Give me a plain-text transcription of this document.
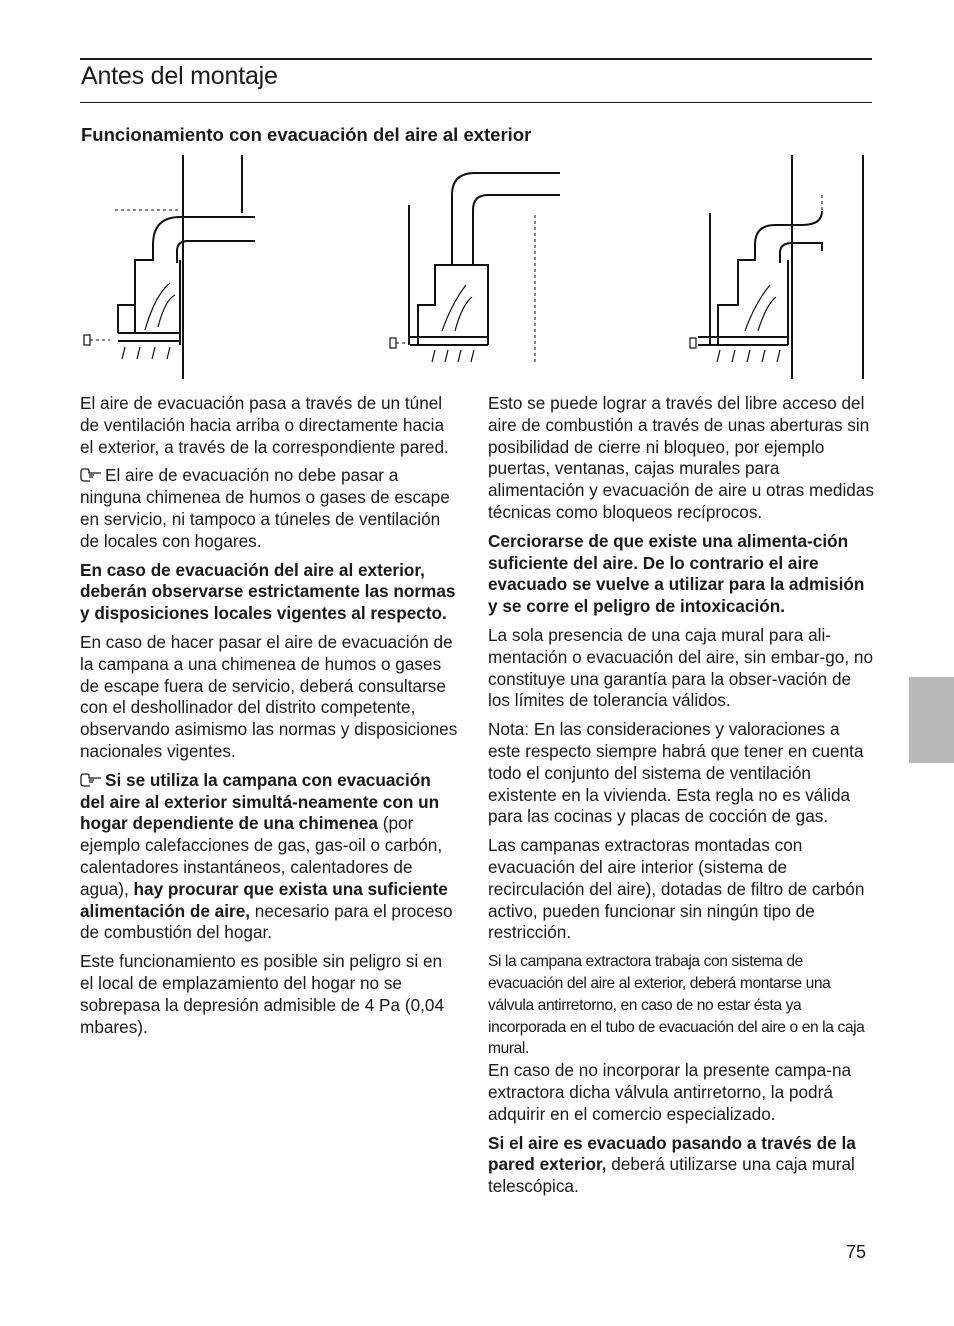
Antes del montaje
Funcionamiento con evacuación del aire al exterior

El aire de evacuación pasa a través de un túnel de ventilación hacia arriba o directamente hacia el exterior, a través de la correspondiente pared.

El aire de evacuación no debe pasar a ninguna chimenea de humos o gases de escape en servicio, ni tampoco a túneles de ventilación de locales con hogares.

En caso de evacuación del aire al exterior, deberán observarse estrictamente las normas y disposiciones locales vigentes al respecto.

En caso de hacer pasar el aire de evacuación de la campana a una chimenea de humos o gases de escape fuera de servicio, deberá consultarse con el deshollinador del distrito competente, observando asimismo las normas y disposiciones nacionales vigentes.

Si se utiliza la campana con evacuación del aire al exterior simultá-neamente con un hogar dependiente de una chimenea (por ejemplo calefacciones de gas, gas-oil o carbón, calentadores instantáneos, calentadores de agua), hay procurar que exista una suficiente alimentación de aire, necesario para el proceso de combustión del hogar.

Este funcionamiento es posible sin peligro si en el local de emplazamiento del hogar no se sobrepasa la depresión admisible de 4 Pa (0,04 mbares).

Esto se puede lograr a través del libre acceso del aire de combustión a través de unas aberturas sin posibilidad de cierre ni bloqueo, por ejemplo puertas, ventanas, cajas murales para alimentación y evacuación de aire u otras medidas técnicas como bloqueos recíprocos.

Cerciorarse de que existe una alimenta-ción suficiente del aire. De lo contrario el aire evacuado se vuelve a utilizar para la admisión y se corre el peligro de intoxicación.

La sola presencia de una caja mural para ali-mentación o evacuación del aire, sin embar-go, no constituye una garantía para la obser-vación de los límites de tolerancia válidos.

Nota: En las consideraciones y valoraciones a este respecto siempre habrá que tener en cuenta todo el conjunto del sistema de ventilación existente en la vivienda. Esta regla no es válida para las cocinas y placas de cocción de gas.

Las campanas extractoras montadas con evacuación del aire interior (sistema de recirculación del aire), dotadas de filtro de carbón activo, pueden funcionar sin ningún tipo de restricción.

Si la campana extractora trabaja con sistema de evacuación del aire al exterior, deberá montarse una válvula antirretorno, en caso de no estar ésta ya incorporada en el tubo de evacuación del aire o en la caja mural.

En caso de no incorporar la presente campa-na extractora dicha válvula antirretorno, la podrá adquirir en el comercio especializado.

Si el aire es evacuado pasando a través de la pared exterior, deberá utilizarse una caja mural telescópica.

75
